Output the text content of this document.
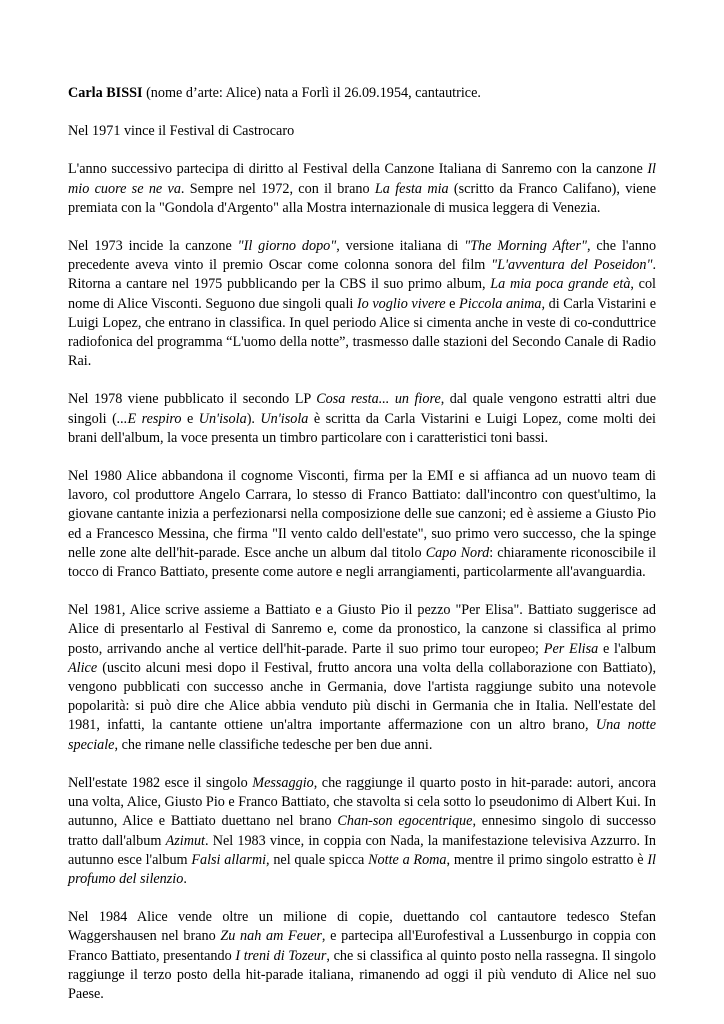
Carla BISSI (nome d’arte: Alice) nata a Forlì il 26.09.1954, cantautrice.

Nel 1971 vince il Festival di Castrocaro

L'anno successivo partecipa di diritto al Festival della Canzone Italiana di Sanremo con la canzone Il mio cuore se ne va. Sempre nel 1972, con il brano La festa mia (scritto da Franco Califano), viene premiata con la "Gondola d'Argento" alla Mostra internazionale di musica leggera di Venezia.

Nel 1973 incide la canzone "Il giorno dopo", versione italiana di "The Morning After", che l'anno precedente aveva vinto il premio Oscar come colonna sonora del film "L'avventura del Poseidon". Ritorna a cantare nel 1975 pubblicando per la CBS il suo primo album, La mia poca grande età, col nome di Alice Visconti. Seguono due singoli quali Io voglio vivere e Piccola anima, di Carla Vistarini e Luigi Lopez, che entrano in classifica. In quel periodo Alice si cimenta anche in veste di co-conduttrice radiofonica del programma “L'uomo della notte”, trasmesso dalle stazioni del Secondo Canale di Radio Rai.

Nel 1978 viene pubblicato il secondo LP Cosa resta... un fiore, dal quale vengono estratti altri due singoli (...E respiro e Un'isola). Un'isola è scritta da Carla Vistarini e Luigi Lopez, come molti dei brani dell'album, la voce presenta un timbro particolare con i caratteristici toni bassi.

Nel 1980 Alice abbandona il cognome Visconti, firma per la EMI e si affianca ad un nuovo team di lavoro, col produttore Angelo Carrara, lo stesso di Franco Battiato: dall'incontro con quest'ultimo, la giovane cantante inizia a perfezionarsi nella composizione delle sue canzoni; ed è assieme a Giusto Pio ed a Francesco Messina, che firma "Il vento caldo dell'estate", suo primo vero successo, che la spinge nelle zone alte dell'hit-parade. Esce anche un album dal titolo Capo Nord: chiaramente riconoscibile il tocco di Franco Battiato, presente come autore e negli arrangiamenti, particolarmente all'avanguardia.

Nel 1981, Alice scrive assieme a Battiato e a Giusto Pio il pezzo "Per Elisa". Battiato suggerisce ad Alice di presentarlo al Festival di Sanremo e, come da pronostico, la canzone si classifica al primo posto, arrivando anche al vertice dell'hit-parade. Parte il suo primo tour europeo; Per Elisa e l'album Alice (uscito alcuni mesi dopo il Festival, frutto ancora una volta della collaborazione con Battiato), vengono pubblicati con successo anche in Germania, dove l'artista raggiunge subito una notevole popolarità: si può dire che Alice abbia venduto più dischi in Germania che in Italia. Nell'estate del 1981, infatti, la cantante ottiene un'altra importante affermazione con un altro brano, Una notte speciale, che rimane nelle classifiche tedesche per ben due anni.

Nell'estate 1982 esce il singolo Messaggio, che raggiunge il quarto posto in hit-parade: autori, ancora una volta, Alice, Giusto Pio e Franco Battiato, che stavolta si cela sotto lo pseudonimo di Albert Kui. In autunno, Alice e Battiato duettano nel brano Chan-son egocentrique, ennesimo singolo di successo tratto dall'album Azimut. Nel 1983 vince, in coppia con Nada, la manifestazione televisiva Azzurro. In autunno esce l'album Falsi allarmi, nel quale spicca Notte a Roma, mentre il primo singolo estratto è Il profumo del silenzio.

Nel 1984 Alice vende oltre un milione di copie, duettando col cantautore tedesco Stefan Waggershausen nel brano Zu nah am Feuer, e partecipa all'Eurofestival a Lussenburgo in coppia con Franco Battiato, presentando I treni di Tozeur, che si classifica al quinto posto nella rassegna. Il singolo raggiunge il terzo posto della hit-parade italiana, rimanendo ad oggi il più venduto di Alice nel suo Paese.
